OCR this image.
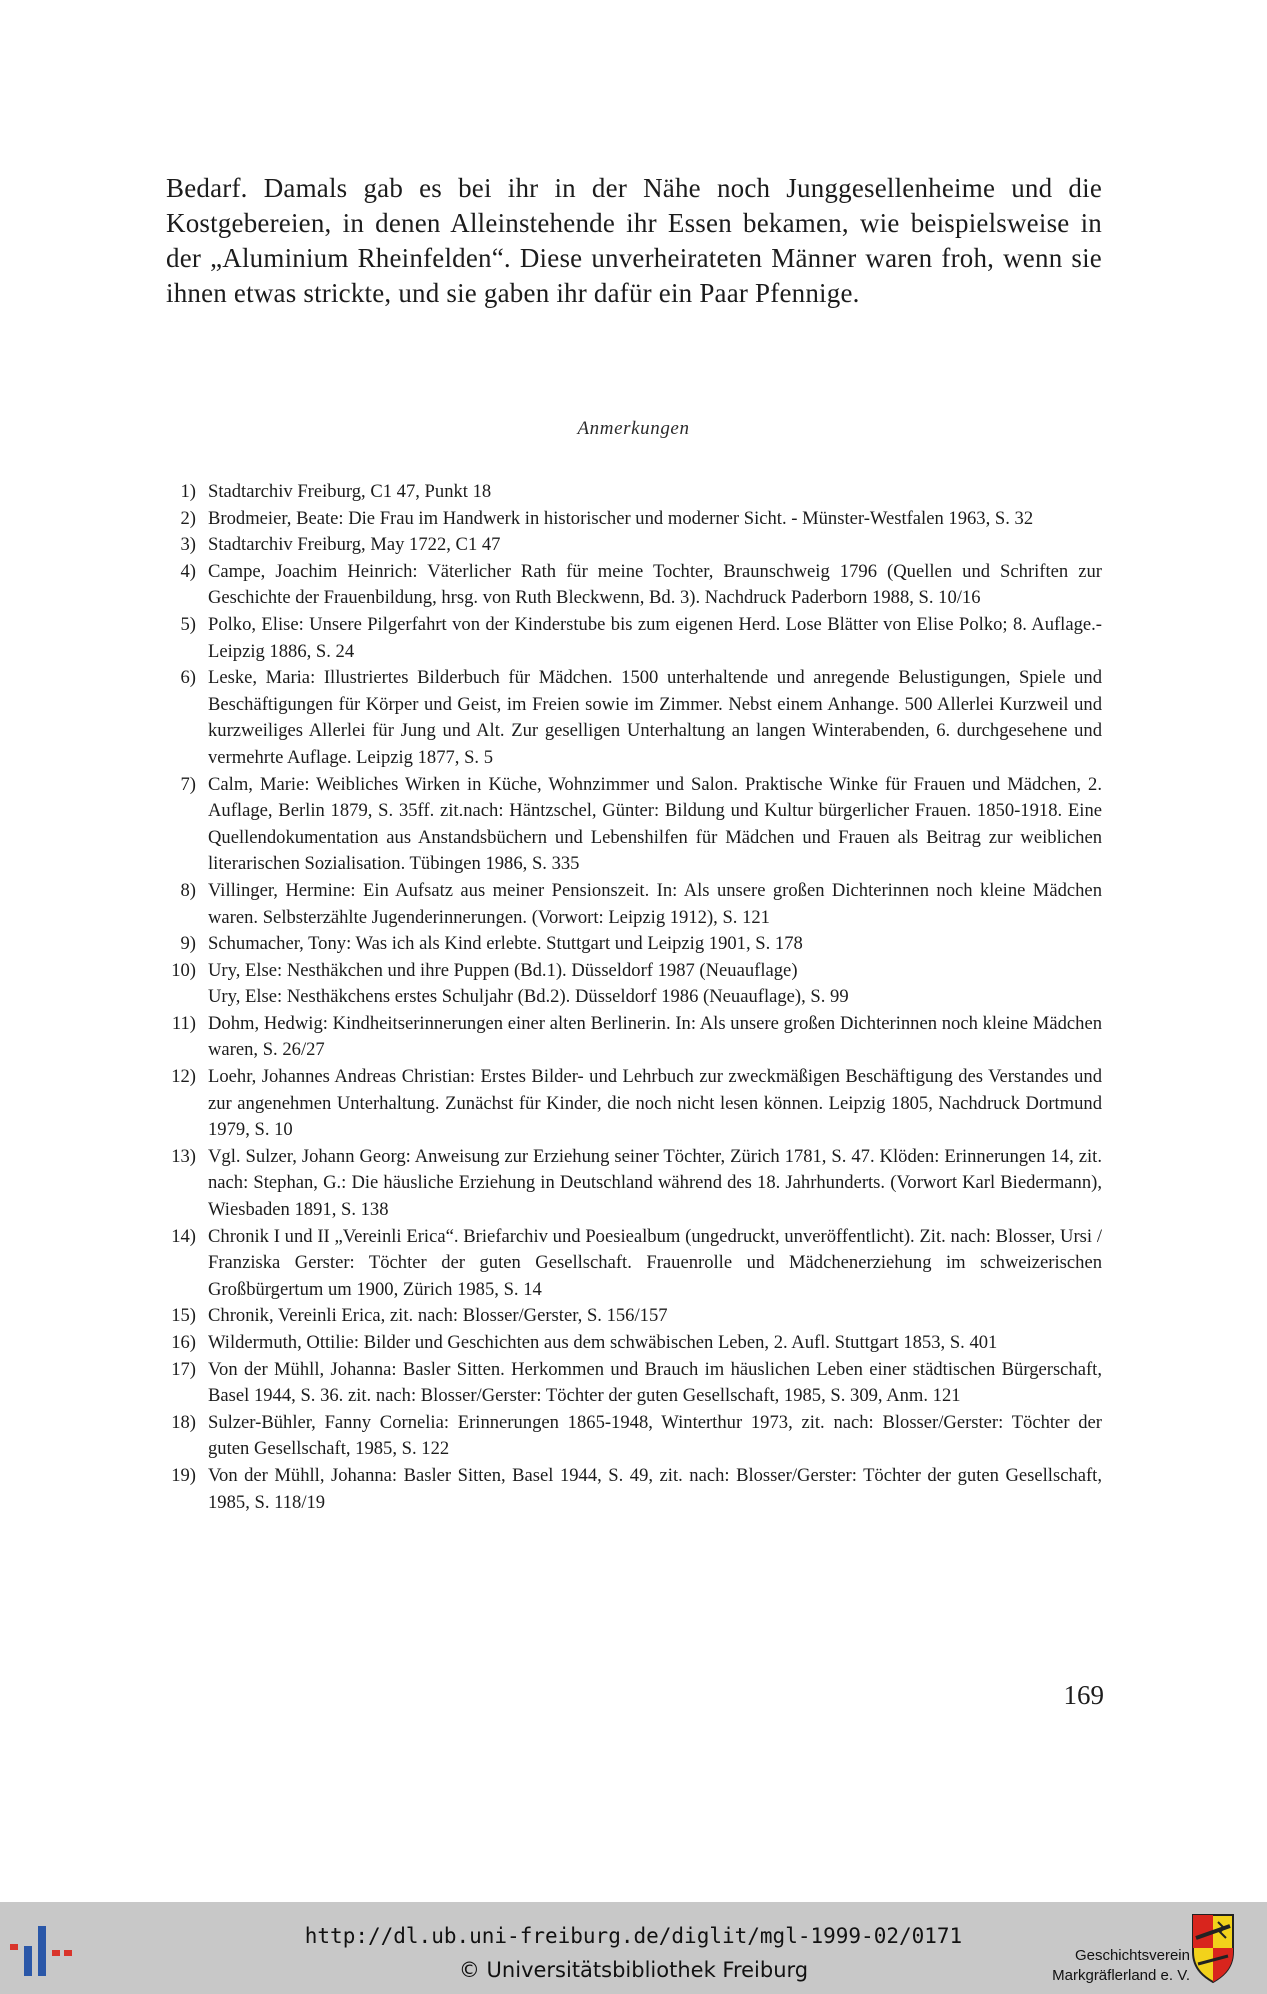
Bedarf. Damals gab es bei ihr in der Nähe noch Junggesellenheime und die Kostgebereien, in denen Alleinstehende ihr Essen bekamen, wie beispielsweise in der „Aluminium Rheinfelden“. Diese unverheirateten Männer waren froh, wenn sie ihnen etwas strickte, und sie gaben ihr dafür ein Paar Pfennige.

Anmerkungen
1) Stadtarchiv Freiburg, C1 47, Punkt 18
2) Brodmeier, Beate: Die Frau im Handwerk in historischer und moderner Sicht. - Münster-Westfalen 1963, S. 32
3) Stadtarchiv Freiburg, May 1722, C1 47
4) Campe, Joachim Heinrich: Väterlicher Rath für meine Tochter, Braunschweig 1796 (Quellen und Schriften zur Geschichte der Frauenbildung, hrsg. von Ruth Bleckwenn, Bd. 3). Nachdruck Paderborn 1988, S. 10/16
5) Polko, Elise: Unsere Pilgerfahrt von der Kinderstube bis zum eigenen Herd. Lose Blätter von Elise Polko; 8. Auflage.- Leipzig 1886, S. 24
6) Leske, Maria: Illustriertes Bilderbuch für Mädchen. 1500 unterhaltende und anregende Belustigungen, Spiele und Beschäftigungen für Körper und Geist, im Freien sowie im Zimmer. Nebst einem Anhange. 500 Allerlei Kurzweil und kurzweiliges Allerlei für Jung und Alt. Zur geselligen Unterhaltung an langen Winterabenden, 6. durchgesehene und vermehrte Auflage. Leipzig 1877, S. 5
7) Calm, Marie: Weibliches Wirken in Küche, Wohnzimmer und Salon. Praktische Winke für Frauen und Mädchen, 2. Auflage, Berlin 1879, S. 35ff. zit.nach: Häntzschel, Günter: Bildung und Kultur bürgerlicher Frauen. 1850-1918. Eine Quellendokumentation aus Anstandsbüchern und Lebenshilfen für Mädchen und Frauen als Beitrag zur weiblichen literarischen Sozialisation. Tübingen 1986, S. 335
8) Villinger, Hermine: Ein Aufsatz aus meiner Pensionszeit. In: Als unsere großen Dichterinnen noch kleine Mädchen waren. Selbsterzählte Jugenderinnerungen. (Vorwort: Leipzig 1912), S. 121
9) Schumacher, Tony: Was ich als Kind erlebte. Stuttgart und Leipzig 1901, S. 178
10) Ury, Else: Nesthäkchen und ihre Puppen (Bd.1). Düsseldorf 1987 (Neuauflage)
Ury, Else: Nesthäkchens erstes Schuljahr (Bd.2). Düsseldorf 1986 (Neuauflage), S. 99
11) Dohm, Hedwig: Kindheitserinnerungen einer alten Berlinerin. In: Als unsere großen Dichterinnen noch kleine Mädchen waren, S. 26/27
12) Loehr, Johannes Andreas Christian: Erstes Bilder- und Lehrbuch zur zweckmäßigen Beschäftigung des Verstandes und zur angenehmen Unterhaltung. Zunächst für Kinder, die noch nicht lesen können. Leipzig 1805, Nachdruck Dortmund 1979, S. 10
13) Vgl. Sulzer, Johann Georg: Anweisung zur Erziehung seiner Töchter, Zürich 1781, S. 47. Klöden: Erinnerungen 14, zit. nach: Stephan, G.: Die häusliche Erziehung in Deutschland während des 18. Jahrhunderts. (Vorwort Karl Biedermann), Wiesbaden 1891, S. 138
14) Chronik I und II „Vereinli Erica“. Briefarchiv und Poesiealbum (ungedruckt, unveröffentlicht). Zit. nach: Blosser, Ursi / Franziska Gerster: Töchter der guten Gesellschaft. Frauenrolle und Mädchenerziehung im schweizerischen Großbürgertum um 1900, Zürich 1985, S. 14
15) Chronik, Vereinli Erica, zit. nach: Blosser/Gerster, S. 156/157
16) Wildermuth, Ottilie: Bilder und Geschichten aus dem schwäbischen Leben, 2. Aufl. Stuttgart 1853, S. 401
17) Von der Mühll, Johanna: Basler Sitten. Herkommen und Brauch im häuslichen Leben einer städtischen Bürgerschaft, Basel 1944, S. 36. zit. nach: Blosser/Gerster: Töchter der guten Gesellschaft, 1985, S. 309, Anm. 121
18) Sulzer-Bühler, Fanny Cornelia: Erinnerungen 1865-1948, Winterthur 1973, zit. nach: Blosser/Gerster: Töchter der guten Gesellschaft, 1985, S. 122
19) Von der Mühll, Johanna: Basler Sitten, Basel 1944, S. 49, zit. nach: Blosser/Gerster: Töchter der guten Gesellschaft, 1985, S. 118/19
169
http://dl.ub.uni-freiburg.de/diglit/mgl-1999-02/0171
© Universitätsbibliothek Freiburg
Geschichtsverein
Markgräflerland e. V.
